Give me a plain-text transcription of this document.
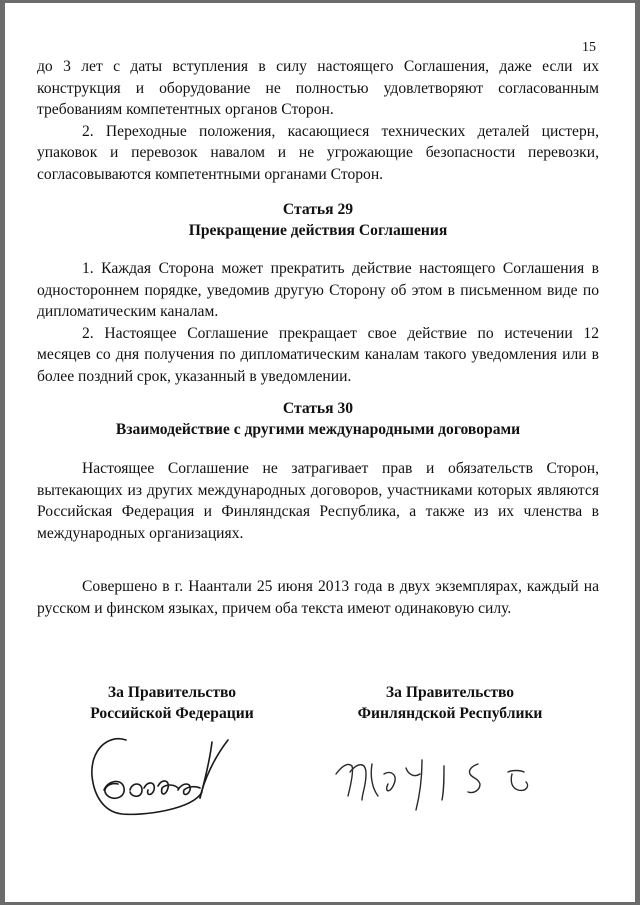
15

до 3 лет с даты вступления в силу настоящего Соглашения, даже если их конструкция и оборудование не полностью удовлетворяют согласованным требованиям компетентных органов Сторон.

2. Переходные положения, касающиеся технических деталей цистерн, упаковок и перевозок навалом и не угрожающие безопасности перевозки, согласовываются компетентными органами Сторон.

Статья 29
Прекращение действия Соглашения

1. Каждая Сторона может прекратить действие настоящего Соглашения в одностороннем порядке, уведомив другую Сторону об этом в письменном виде по дипломатическим каналам.

2. Настоящее Соглашение прекращает свое действие по истечении 12 месяцев со дня получения по дипломатическим каналам такого уведомления или в более поздний срок, указанный в уведомлении.

Статья 30
Взаимодействие с другими международными договорами

Настоящее Соглашение не затрагивает прав и обязательств Сторон, вытекающих из других международных договоров, участниками которых являются Российская Федерация и Финляндская Республика, а также из их членства в международных организациях.

Совершено в г. Наантали 25 июня 2013 года в двух экземплярах, каждый на русском и финском языках, причем оба текста имеют одинаковую силу.

За Правительство
Российской Федерации
За Правительство
Финляндской Республики
